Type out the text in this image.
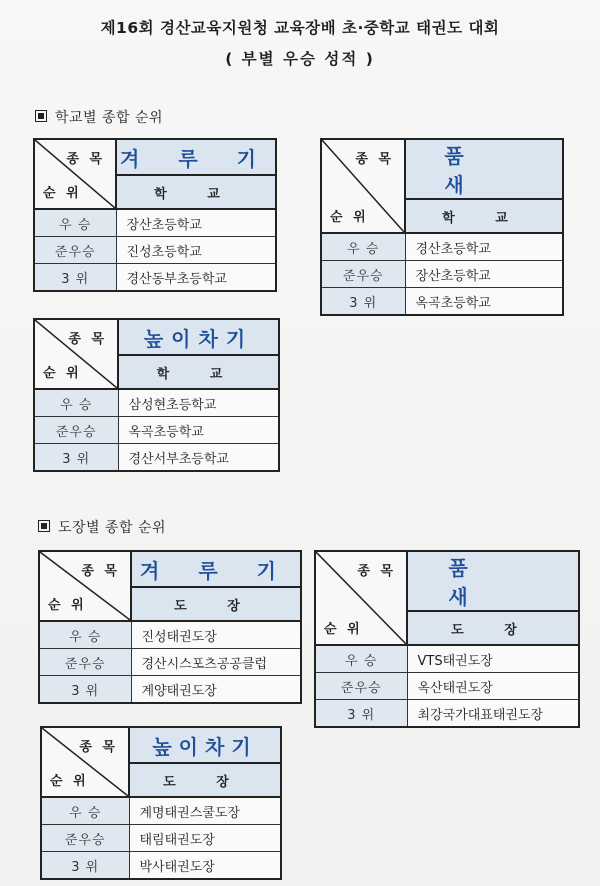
제16회 경산교육지원청 교육장배 초·중학교 태권도 대회
( 부별 우승 성적 )
학교별 종합 순위
종 목
순 위	겨 루 기
	학 교
우 승	장산초등학교
준우승	진성초등학교
3 위	경산동부초등학교
종 목
순 위	품 새
	학 교
우 승	경산초등학교
준우승	장산초등학교
3 위	옥곡초등학교
종 목
순 위	높이차기
	학 교
우 승	삼성현초등학교
준우승	옥곡초등학교
3 위	경산서부초등학교
도장별 종합 순위
종 목
순 위	겨 루 기
	도 장
우 승	진성태권도장
준우승	경산시스포츠공공클럽
3 위	계양태권도장
종 목
순 위	품 새
	도 장
우 승	VTS태권도장
준우승	옥산태권도장
3 위	최강국가대표태권도장
종 목
순 위	높이차기
	도 장
우 승	계명태권스쿨도장
준우승	태림태권도장
3 위	박사태권도장
